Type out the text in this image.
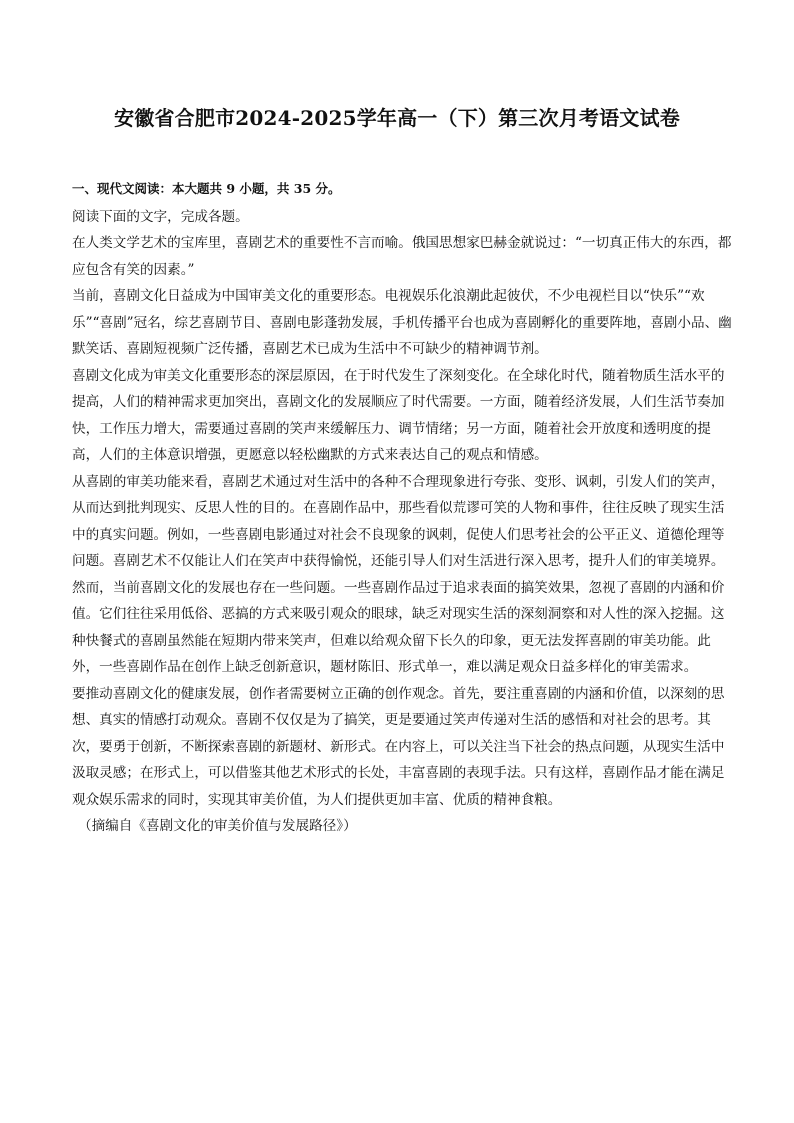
安徽省合肥市2024-2025学年高一（下）第三次月考语文试卷

一、现代文阅读：本大题共 9 小题，共 35 分。

阅读下面的文字，完成各题。

在人类文学艺术的宝库里，喜剧艺术的重要性不言而喻。俄国思想家巴赫金就说过：“一切真正伟大的东西，都应包含有笑的因素。”

当前，喜剧文化日益成为中国审美文化的重要形态。电视娱乐化浪潮此起彼伏，不少电视栏目以“快乐”“欢乐”“喜剧”冠名，综艺喜剧节目、喜剧电影蓬勃发展，手机传播平台也成为喜剧孵化的重要阵地，喜剧小品、幽默笑话、喜剧短视频广泛传播，喜剧艺术已成为生活中不可缺少的精神调节剂。

喜剧文化成为审美文化重要形态的深层原因，在于时代发生了深刻变化。在全球化时代，随着物质生活水平的提高，人们的精神需求更加突出，喜剧文化的发展顺应了时代需要。一方面，随着经济发展，人们生活节奏加快，工作压力增大，需要通过喜剧的笑声来缓解压力、调节情绪；另一方面，随着社会开放度和透明度的提高，人们的主体意识增强，更愿意以轻松幽默的方式来表达自己的观点和情感。

从喜剧的审美功能来看，喜剧艺术通过对生活中的各种不合理现象进行夸张、变形、讽刺，引发人们的笑声，从而达到批判现实、反思人性的目的。在喜剧作品中，那些看似荒谬可笑的人物和事件，往往反映了现实生活中的真实问题。例如，一些喜剧电影通过对社会不良现象的讽刺，促使人们思考社会的公平正义、道德伦理等问题。喜剧艺术不仅能让人们在笑声中获得愉悦，还能引导人们对生活进行深入思考，提升人们的审美境界。

然而，当前喜剧文化的发展也存在一些问题。一些喜剧作品过于追求表面的搞笑效果，忽视了喜剧的内涵和价值。它们往往采用低俗、恶搞的方式来吸引观众的眼球，缺乏对现实生活的深刻洞察和对人性的深入挖掘。这种快餐式的喜剧虽然能在短期内带来笑声，但难以给观众留下长久的印象，更无法发挥喜剧的审美功能。此外，一些喜剧作品在创作上缺乏创新意识，题材陈旧、形式单一，难以满足观众日益多样化的审美需求。

要推动喜剧文化的健康发展，创作者需要树立正确的创作观念。首先，要注重喜剧的内涵和价值，以深刻的思想、真实的情感打动观众。喜剧不仅仅是为了搞笑，更是要通过笑声传递对生活的感悟和对社会的思考。其次，要勇于创新，不断探索喜剧的新题材、新形式。在内容上，可以关注当下社会的热点问题，从现实生活中汲取灵感；在形式上，可以借鉴其他艺术形式的长处，丰富喜剧的表现手法。只有这样，喜剧作品才能在满足观众娱乐需求的同时，实现其审美价值，为人们提供更加丰富、优质的精神食粮。

（摘编自《喜剧文化的审美价值与发展路径》）
